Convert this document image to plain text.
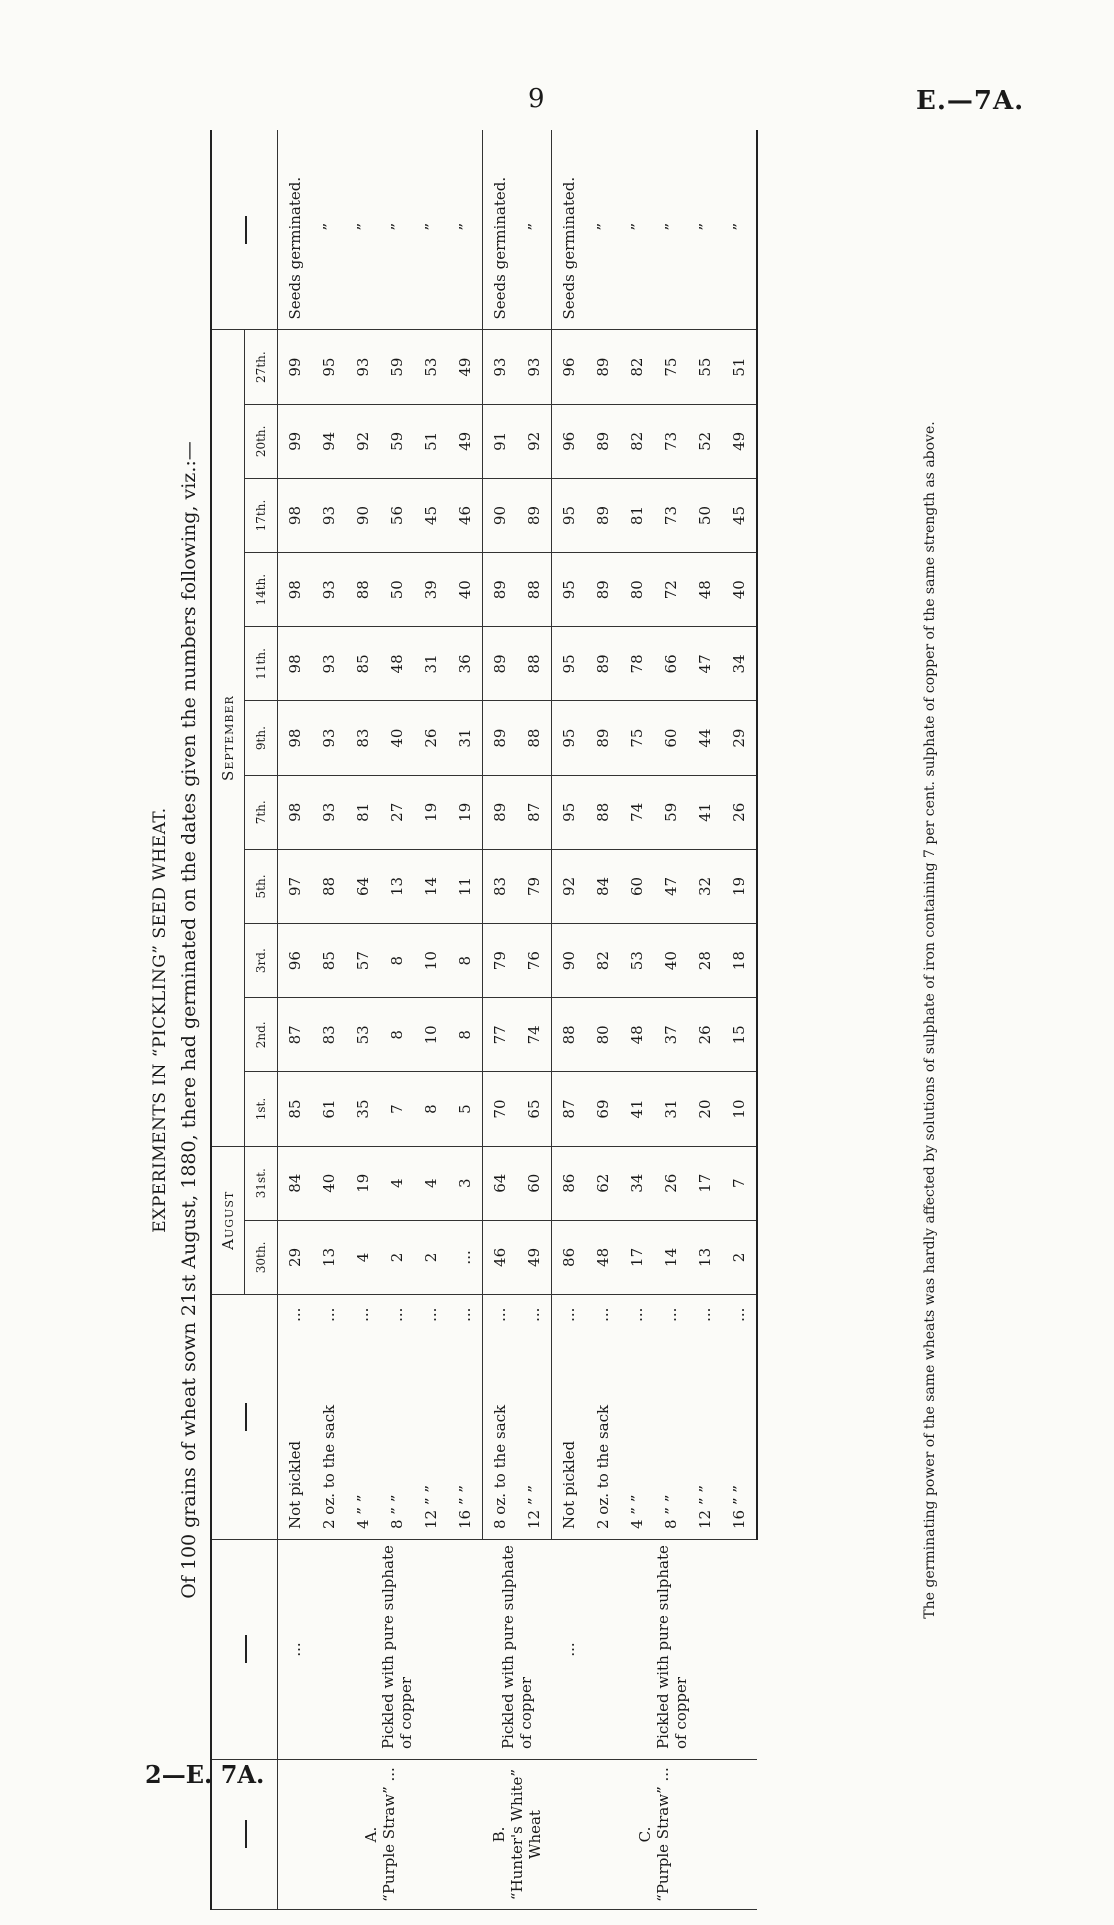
9	E.—7A.
2—E. 7A.
EXPERIMENTS IN “PICKLING” SEED WHEAT. Of 100 grains of wheat sown 21st August, 1880, there had germinated on the dates given the numbers following, viz.:—
				August		September											
				30th.	31st.	1st.	2nd.	3rd.	5th.	7th.	9th.	11th.	14th.	17th.	20th.	27th.	

A. “Purple Straw” ...	...	Not pickled	...	29	84	85	87	96	97	98	98	98	98	98	99	99	Seeds germinated.
	Pickled with pure sulphate of copper	2 oz. to the sack	...	13	40	61	83	85	88	93	93	93	93	93	94	95	”
		4 ” ”	...	4	19	35	53	57	64	81	83	85	88	90	92	93	”
		8 ” ”	...	2	4	7	8	8	13	27	40	48	50	56	59	59	”
		12 ” ”	...	2	4	8	10	10	14	19	26	31	39	45	51	53	”
		16 ” ”	...	...	3	5	8	8	11	19	31	36	40	46	49	49	”

B. “Hunter's White” Wheat	Pickled with pure sulphate of copper	8 oz. to the sack	...	46	64	70	77	79	83	89	89	89	89	90	91	93	Seeds germinated.
		12 ” ”	...	49	60	65	74	76	79	87	88	88	88	89	92	93	”

C. “Purple Straw” ...	...	Not pickled	...	86	86	87	88	90	92	95	95	95	95	95	96	96	Seeds germinated.
	Pickled with pure sulphate of copper	2 oz. to the sack	...	48	62	69	80	82	84	88	89	89	89	89	89	89	”
		4 ” ”	...	17	34	41	48	53	60	74	75	78	80	81	82	82	”
		8 ” ”	...	14	26	31	37	40	47	59	60	66	72	73	73	75	”
		12 ” ”	...	13	17	20	26	28	32	41	44	47	48	50	52	55	”
		16 ” ”	...	2	7	10	15	18	19	26	29	34	40	45	49	51	”
The germinating power of the same wheats was hardly affected by solutions of sulphate of iron containing 7 per cent. sulphate of copper of the same strength as above.
